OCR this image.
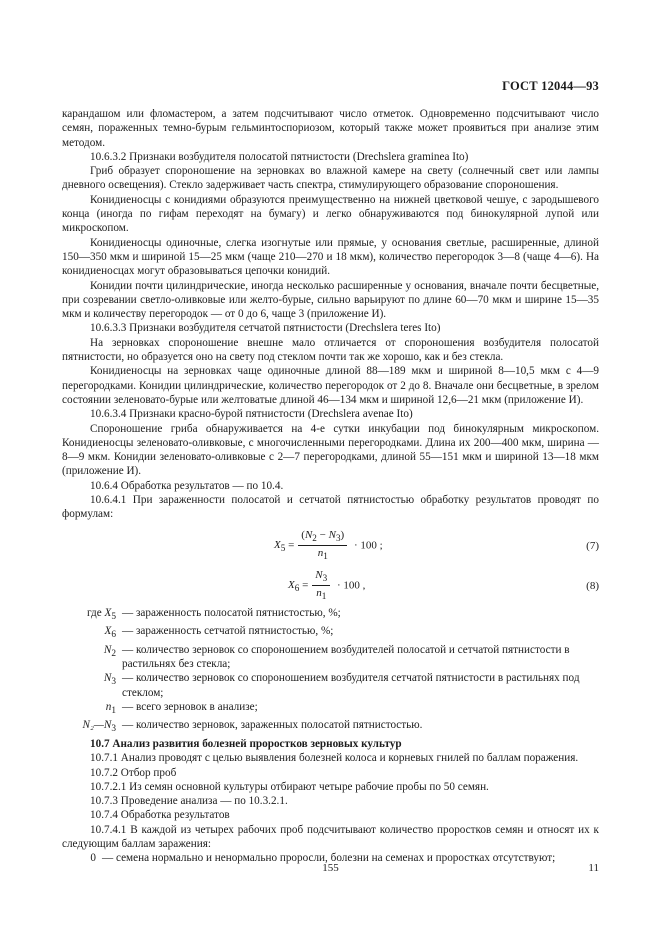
ГОСТ 12044—93

карандашом или фломастером, а затем подсчитывают число отметок. Одновременно подсчитывают число семян, пораженных темно-бурым гельминтоспориозом, который также может проявиться при анализе этим методом.

10.6.3.2 Признаки возбудителя полосатой пятнистости (Drechslera graminea Ito)

Гриб образует спороношение на зерновках во влажной камере на свету (солнечный свет или лампы дневного освещения). Стекло задерживает часть спектра, стимулирующего образование спороношения.

Конидиеносцы с конидиями образуются преимущественно на нижней цветковой чешуе, с зародышевого конца (иногда по гифам переходят на бумагу) и легко обнаруживаются под бинокулярной лупой или микроскопом.

Конидиеносцы одиночные, слегка изогнутые или прямые, у основания светлые, расширенные, длиной 150—350 мкм и шириной 15—25 мкм (чаще 210—270 и 18 мкм), количество перегородок 3—8 (чаще 4—6). На конидиеносцах могут образовываться цепочки конидий.

Конидии почти цилиндрические, иногда несколько расширенные у основания, вначале почти бесцветные, при созревании светло-оливковые или желто-бурые, сильно варьируют по длине 60—70 мкм и ширине 15—35 мкм и количеству перегородок — от 0 до 6, чаще 3 (приложение И).

10.6.3.3 Признаки возбудителя сетчатой пятнистости (Drechslera teres Ito)

На зерновках спороношение внешне мало отличается от спороношения возбудителя полосатой пятнистости, но образуется оно на свету под стеклом почти так же хорошо, как и без стекла.

Конидиеносцы на зерновках чаще одиночные длиной 88—189 мкм и шириной 8—10,5 мкм с 4—9 перегородками. Конидии цилиндрические, количество перегородок от 2 до 8. Вначале они бесцветные, в зрелом состоянии зеленовато-бурые или желтоватые длиной 46—134 мкм и шириной 12,6—21 мкм (приложение И).

10.6.3.4 Признаки красно-бурой пятнистости (Drechslera avenae Ito)

Спороношение гриба обнаруживается на 4-е сутки инкубации под бинокулярным микроскопом. Конидиеносцы зеленовато-оливковые, с многочисленными перегородками. Длина их 200—400 мкм, ширина — 8—9 мкм. Конидии зеленовато-оливковые с 2—7 перегородками, длиной 55—151 мкм и шириной 13—18 мкм (приложение И).

10.6.4 Обработка результатов — по 10.4.

10.6.4.1 При зараженности полосатой и сетчатой пятнистостью обработку результатов проводят по формулам:

$X_5 = \frac{(N_2 - N_3)}{n_1} \cdot 100$ ;	(7)
$X_6 = \frac{N_3}{n_1} \cdot 100$ ,	(8)
где $X_5$ — зараженность полосатой пятнистостью, %;
$X_6$ — зараженность сетчатой пятнистостью, %;
$N_2$ — количество зерновок со спороношением возбудителей полосатой и сетчатой пятнистости в растильнях без стекла;
$N_3$ — количество зерновок со спороношением возбудителя сетчатой пятнистости в растильнях под стеклом;
$n_1$ — всего зерновок в анализе;
$N_2—N_3$ — количество зерновок, зараженных полосатой пятнистостью.

10.7 Анализ развития болезней проростков зерновых культур

10.7.1 Анализ проводят с целью выявления болезней колоса и корневых гнилей по баллам поражения.

10.7.2 Отбор проб

10.7.2.1 Из семян основной культуры отбирают четыре рабочие пробы по 50 семян.

10.7.3 Проведение анализа — по 10.3.2.1.

10.7.4 Обработка результатов

10.7.4.1 В каждой из четырех рабочих проб подсчитывают количество проростков семян и относят их к следующим баллам заражения:

0 — семена нормально и ненормально проросли, болезни на семенах и проростках отсутствуют;
155	11
